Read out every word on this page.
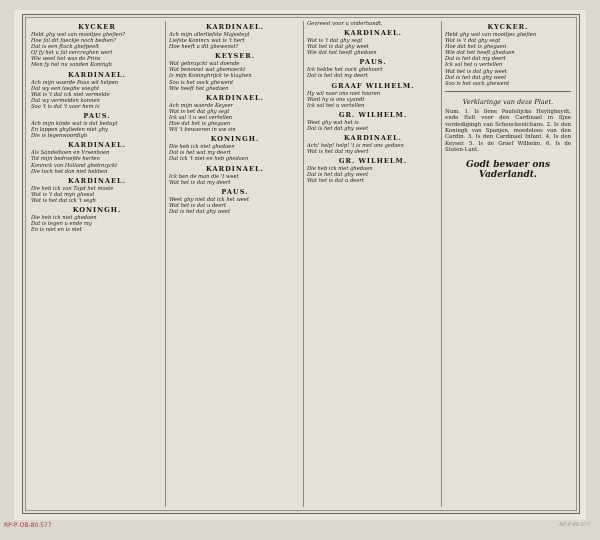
KYCKER
Hebt ghy wel van mooitjes ghefien?
Hoe fal dit faeckje noch bedien?
Dat is een ftuck ghefpeelt
Of fy het u fal vercreghen wert
Wie weet het was de Prins
Men fy het nu vanden Koningh
KARDINAEL.
Ach mijn waerde Paus wil helpen
Dat wy een laeghe voeght
Wat is 't dat ick niet vermelde
Dat wy vermelden konnen
Soo 't is dat 't voor hem is
PAUS.
Ach mijn kinde wat is dat beduyt
En lappen ghylieden niet ghy
Die is tegenwoordigh
KARDINAEL.
Als Sandelhoen en Vrsenhoen
Tot mijn bedroefde herten
Koninck van Holland ghebruyckt
Die toch het dan niet hebben
KARDINAEL.
Die heb ick van Tayd het moste
Wat is 't dat myn gheest
Wat is het dat ick 't segh
KONINGH.
Die heb ick niet ghedaen
Dat is tegen u ende my
En is niet en is niet
KARDINAEL.
Ach mijn allerliefste Majesteyt
Liefste Konincx wat is 't hert
Hoe heeft u dit ghewenst?
KEYSER.
Wat gebruyckt wat doende
Wat benouwt wat ghemaeckt
Is mijn Koninghrijck te klaghen
Soo is het oock ghewent
Wie heeft het ghedaen
KARDINAEL.
Ach mijn waerde Keyser
Wat is het dat ghy segt
Ick sal 't u wel vertellen
Hoe dat het is ghegaen
Wil 't bewaeren in uw sin
KONINGH.
Die heb ick niet ghedaen
Dat is het wat my deert
Dat ick 't niet en heb ghedaen
KARDINAEL.
Ick ben de man die 't weet
Wat het is dat my deert
PAUS.
Weet ghy niet dat ick het weet
Wat het is dat u deert
Dat is het dat ghy weet
Gevreest voor u onderhandt.
KARDINAEL.
Wat is 't dat ghy segt
Wat het is dat ghy weet
Wie dat het heeft ghedaen
PAUS.
Ick hebbe het oock ghehoort
Dat is het dat my deert
GRAAF WILHELM.
Hy wil naer ons niet hooren
Want hy is ons vyandt
Ick sal het u vertellen
GR. WILHELM.
Weet ghy wat het is
Dat is het dat ghy weet
KARDINAEL.
Ach! help! help! 't is met ons gedaen
Wat is het dat my deert
GR. WILHELM.
Die heb ick niet ghedaen
Dat is het dat ghy weet
Wat het is dat u deert
KYCKER.
Hebt ghy wel van mooitjes ghefien
Wat is 't dat ghy segt
Hoe dat het is ghegaen
Wie dat het heeft ghedaen
Dat is het dat my deert
Ick sal het u vertellen
Wat het is dat ghy weet
Dat is het dat ghy weet
Soo is het oock ghewent
Verklaringe van deze Plaet.
Num. 1. Is ſiene Pauſelijcke Heyligheydt, ende ſtelt voor den Cardinael in ſijne verdedigingh van Schenckenſchans. 2. Is den Koningh van Spanjen, moedeloos van den Cardin. 3. Is den Cardinael Infant. 4. Is den Keyser. 5. Is de Graef Wilhelm. 6. Is de Staten-Lant.
Godt bewaer ons Vaderlandt.
RP-P-OB-80.577	RP-P-80.577
